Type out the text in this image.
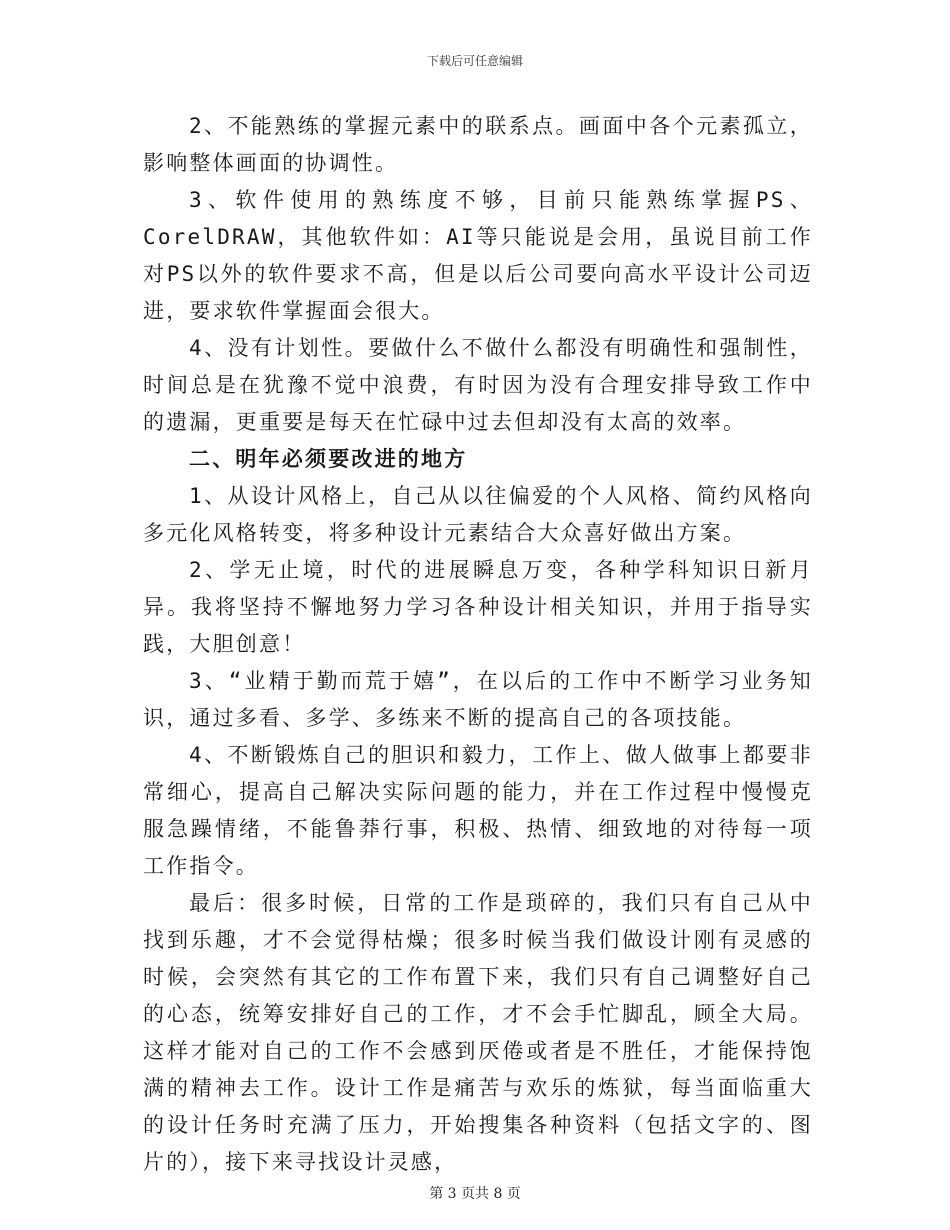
下载后可任意编辑

2、不能熟练的掌握元素中的联系点。画面中各个元素孤立，影响整体画面的协调性。

3、软件使用的熟练度不够，目前只能熟练掌握PS、CorelDRAW，其他软件如：AI等只能说是会用，虽说目前工作对PS以外的软件要求不高，但是以后公司要向高水平设计公司迈进，要求软件掌握面会很大。

4、没有计划性。要做什么不做什么都没有明确性和强制性，时间总是在犹豫不觉中浪费，有时因为没有合理安排导致工作中的遗漏，更重要是每天在忙碌中过去但却没有太高的效率。

二、明年必须要改进的地方

1、从设计风格上，自己从以往偏爱的个人风格、简约风格向多元化风格转变，将多种设计元素结合大众喜好做出方案。

2、学无止境，时代的进展瞬息万变，各种学科知识日新月异。我将坚持不懈地努力学习各种设计相关知识，并用于指导实践，大胆创意！

3、“业精于勤而荒于嬉”，在以后的工作中不断学习业务知识，通过多看、多学、多练来不断的提高自己的各项技能。

4、不断锻炼自己的胆识和毅力，工作上、做人做事上都要非常细心，提高自己解决实际问题的能力，并在工作过程中慢慢克服急躁情绪，不能鲁莽行事，积极、热情、细致地的对待每一项工作指令。

最后：很多时候，日常的工作是琐碎的，我们只有自己从中找到乐趣，才不会觉得枯燥；很多时候当我们做设计刚有灵感的时候，会突然有其它的工作布置下来，我们只有自己调整好自己的心态，统筹安排好自己的工作，才不会手忙脚乱，顾全大局。这样才能对自己的工作不会感到厌倦或者是不胜任，才能保持饱满的精神去工作。设计工作是痛苦与欢乐的炼狱，每当面临重大的设计任务时充满了压力，开始搜集各种资料（包括文字的、图片的），接下来寻找设计灵感，

第 3 页共 8 页
